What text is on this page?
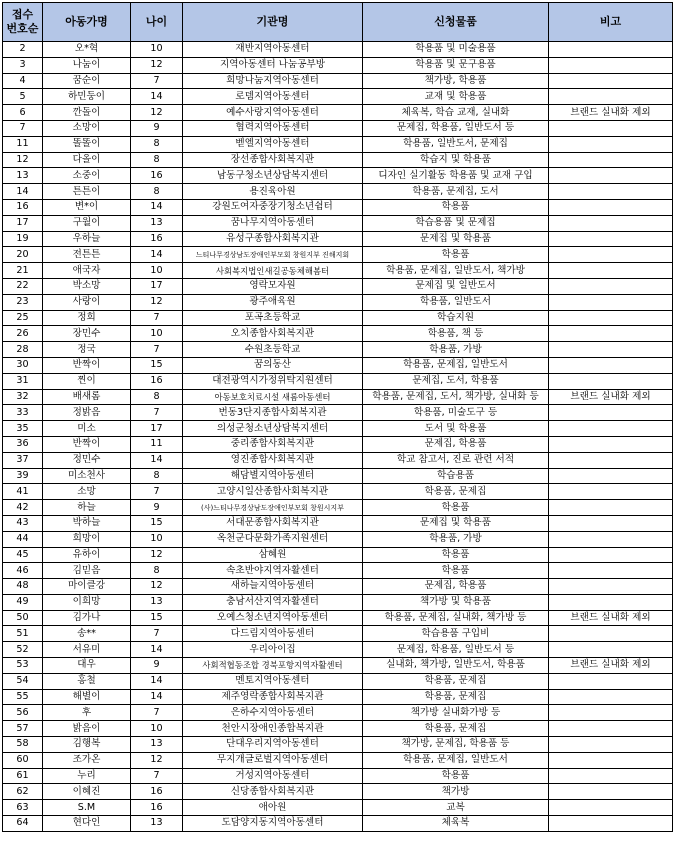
접수
번호순	아동가명	나이	기관명	신청물품	비고
2	오*혁	10	재반지역아동센터	학용품 및 미술용품	
3	나눔이	12	지역아동센터 나눔공부방	학용품 및 문구용품	
4	꿈순이	7	희망나눔지역아동센터	책가방, 학용품	
5	하민둥이	14	로뎀지역아동센터	교재 및 학용품	
6	깐돌이	12	예수사랑지역아동센터	체육복, 학습 교재, 실내화	브랜드 실내화 제외
7	소망이	9	협력지역아동센터	문제집, 학용품, 일반도서 등	
11	똘똘이	8	벧엘지역아동센터	학용품, 일반도서, 문제집	
12	다올이	8	장선종합사회복지관	학습지 및 학용품	
13	소중이	16	남동구청소년상담복지센터	디자인 실기활동 학용품 및 교재 구입	
14	튼튼이	8	용진육아원	학용품, 문제집, 도서	
16	변*이	14	강원도여자중장기청소년쉼터	학용품	
17	구월이	13	꿈나무지역아동센터	학습용품 및 문제집	
19	우하늘	16	유성구종합사회복지관	문제집 및 학용품	
20	전튼튼	14	느티나무경상남도장애인부모회 창원지부 진해지회	학용품	
21	애국자	10	사회복지법인새길공동체해봄터	학용품, 문제집, 일반도서, 책가방	
22	박소망	17	영락모자원	문제집 및 일반도서	
23	사랑이	12	광주애육원	학용품, 일반도서	
25	정희	7	포곡초등학교	학습지원	
26	장민수	10	오치종합사회복지관	학용품, 책 등	
28	정국	7	수원초등학교	학용품, 가방	
30	반짝이	15	꿈의동산	학용품, 문제집, 일반도서	
31	찐이	16	대전광역시가정위탁지원센터	문제집, 도서, 학용품	
32	배새롬	8	아동보호치료시설 새롬아동센터	학용품, 문제집, 도서, 책가방, 실내화 등	브랜드 실내화 제외
33	정밝음	7	번동3단지종합사회복지관	학용품, 미술도구 등	
35	미소	17	의성군청소년상담복지센터	도서 및 학용품	
36	반짝이	11	중리종합사회복지관	문제집, 학용품	
37	정민수	14	영진종합사회복지관	학교 참고서, 진로 관련 서적	
39	미소천사	8	해담별지역아동센터	학습용품	
41	소망	7	고양시일산종합사회복지관	학용품, 문제집	
42	하늘	9	(사)느티나무경상남도장애인부모회 창원시지부	학용품	
43	박하늘	15	서대문종합사회복지관	문제집 및 학용품	
44	희망이	10	옥천군다문화가족지원센터	학용품, 가방	
45	유하이	12	삼혜원	학용품	
46	김믿음	8	속초반야지역자활센터	학용품	
48	마이클강	12	새하늘지역아동센터	문제집, 학용품	
49	이희망	13	충남서산지역자활센터	책가방 및 학용품	
50	김가나	15	오예스청소년지역아동센터	학용품, 문제집, 실내화, 책가방 등	브랜드 실내화 제외
51	송**	7	다드림지역아동센터	학습용품 구입비	
52	서유미	14	우리아이집	문제집, 학용품, 일반도서 등	
53	대우	9	사회적협동조합 경북포항지역자활센터	실내화, 책가방, 일반도서, 학용품	브랜드 실내화 제외
54	홍철	14	멘토지역아동센터	학용품, 문제집	
55	해별이	14	제주영락종합사회복지관	학용품, 문제집	
56	후	7	은하수지역아동센터	책가방 실내화가방 등	
57	밝음이	10	천안시장애인종합복지관	학용품, 문제집	
58	김행복	13	단대우리지역아동센터	책가방, 문제집, 학용품 등	
60	조가온	12	무지개글로벌지역아동센터	학용품, 문제집, 일반도서	
61	누리	7	거성지역아동센터	학용품	
62	이혜진	16	신당종합사회복지관	책가방	
63	S.M	16	애아원	교복	
64	현다인	13	도담양지동지역아동센터	체육복	
